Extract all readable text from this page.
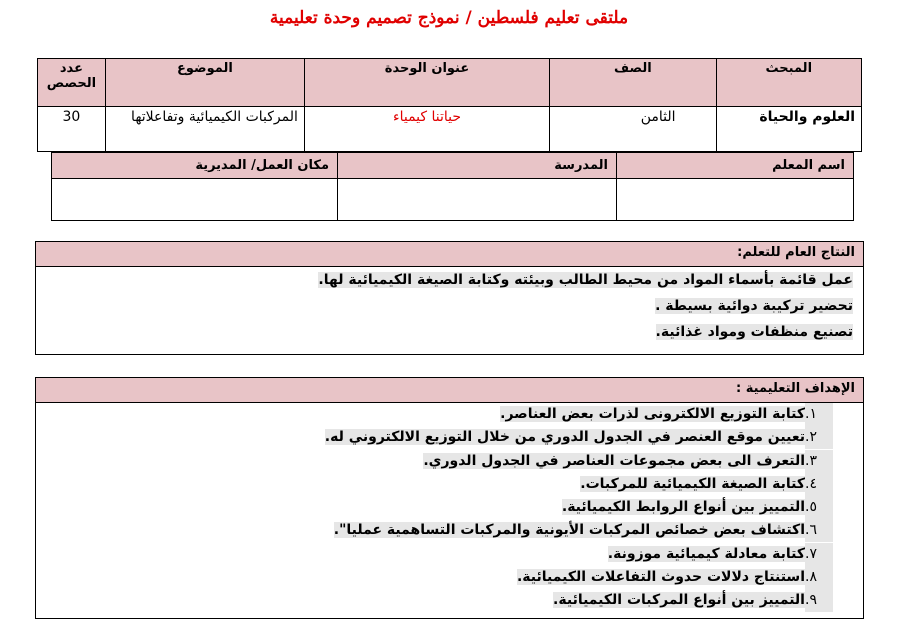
ملتقى تعليم فلسطين / نموذج تصميم وحدة تعليمية
المبحث	الصف	عنوان الوحدة	الموضوع	عدد الحصص
العلوم والحياة	الثامن	حياتنا كيمياء	المركبات الكيميائية وتفاعلاتها	30
اسم المعلم	المدرسة	مكان العمل/ المديرية

النتاج العام للتعلم:
عمل قائمة بأسماء المواد من محيط الطالب وبيئته وكتابة الصيغة الكيميائية لها.
تحضير تركيبة دوائية بسيطة .
تصنيع منظفات ومواد غذائية.
الإهداف التعليمية :
١.كتابة التوزيع الالكترونى لذرات بعض العناصر.
٢.تعيين موقع العنصر في الجدول الدوري من خلال التوزيع الالكتروني له.
٣.التعرف الى بعض مجموعات العناصر في الجدول الدوري.
٤.كتابة الصيغة الكيميائية للمركبات.
٥.التمييز بين أنواع الروابط الكيميائية.
٦.اكتشاف بعض خصائص المركبات الأيونية والمركبات التساهمية عمليا".
٧.كتابة معادلة كيميائية موزونة.
٨.استنتاج دلالات حدوث التفاعلات الكيميائية.
٩.التمييز بين أنواع المركبات الكيميائية.
